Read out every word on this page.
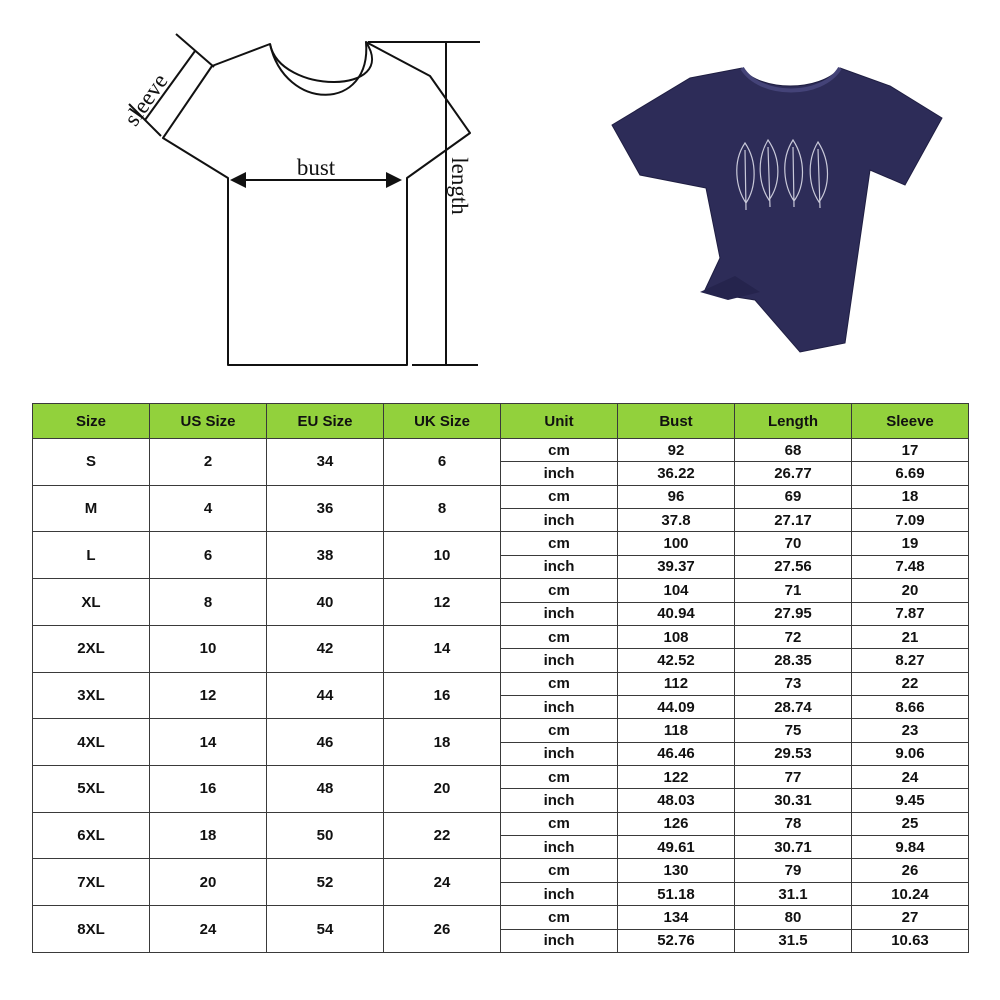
sleeve
bust	length
Size	US Size	EU Size	UK Size	Unit	Bust	Length	Sleeve
S	2	34	6	cm	92	68	17
				inch	36.22	26.77	6.69
M	4	36	8	cm	96	69	18
				inch	37.8	27.17	7.09
L	6	38	10	cm	100	70	19
				inch	39.37	27.56	7.48
XL	8	40	12	cm	104	71	20
				inch	40.94	27.95	7.87
2XL	10	42	14	cm	108	72	21
				inch	42.52	28.35	8.27
3XL	12	44	16	cm	112	73	22
				inch	44.09	28.74	8.66
4XL	14	46	18	cm	118	75	23
				inch	46.46	29.53	9.06
5XL	16	48	20	cm	122	77	24
				inch	48.03	30.31	9.45
6XL	18	50	22	cm	126	78	25
				inch	49.61	30.71	9.84
7XL	20	52	24	cm	130	79	26
				inch	51.18	31.1	10.24
8XL	24	54	26	cm	134	80	27
				inch	52.76	31.5	10.63
